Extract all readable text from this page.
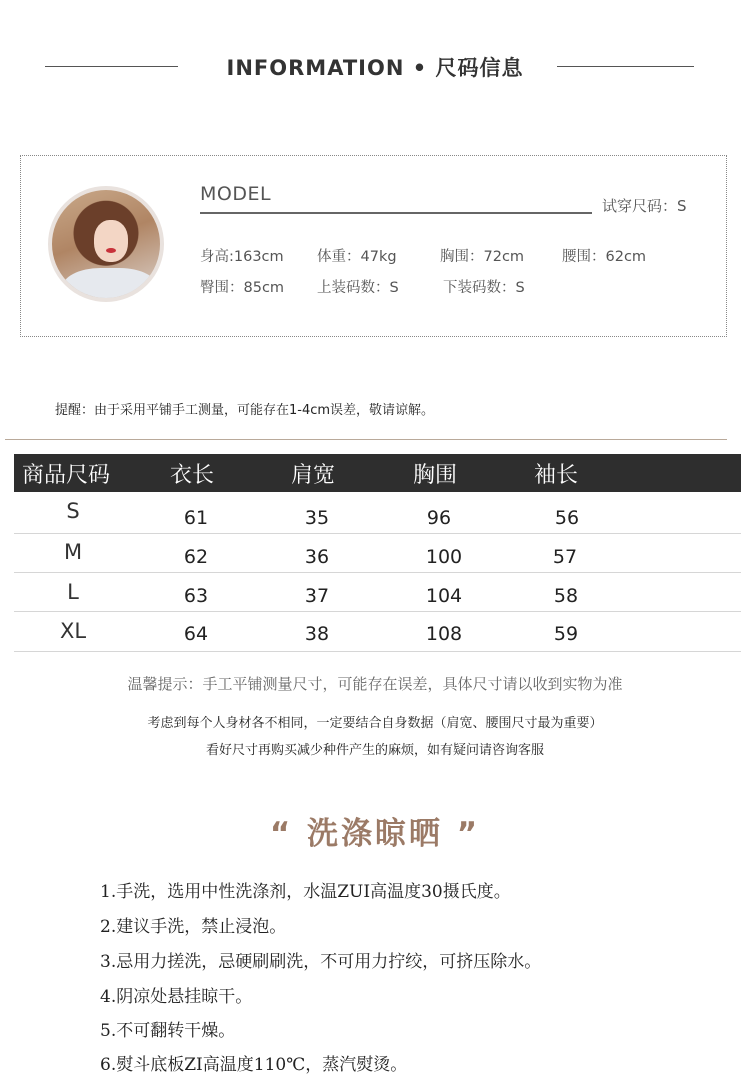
INFORMATION • 尺码信息
MODEL
试穿尺码：S
身高:163cm 体重：47kg	胸围：72cm	腰围：62cm
臀围：85cm 上装码数：S	下装码数：S
提醒：由于采用平铺手工测量，可能存在1-4cm误差，敬请谅解。
商品尺码	衣长	肩宽	胸围	袖长
S	61	35	96	56
M	62	36	100	57
L	63	37	104	58
XL	64	38	108	59
温馨提示：手工平铺测量尺寸，可能存在误差，具体尺寸请以收到实物为准
考虑到每个人身材各不相同，一定要结合自身数据（肩宽、腰围尺寸最为重要）
看好尺寸再购买减少种件产生的麻烦，如有疑问请咨询客服
“ 洗涤晾晒 ”
1.手洗，选用中性洗涤剂，水温ZUI高温度30摄氏度。
2.建议手洗，禁止浸泡。
3.忌用力搓洗，忌硬刷刷洗，不可用力拧绞，可挤压除水。
4.阴凉处悬挂晾干。
5.不可翻转干燥。
6.熨斗底板ZI高温度110℃，蒸汽熨烫。
